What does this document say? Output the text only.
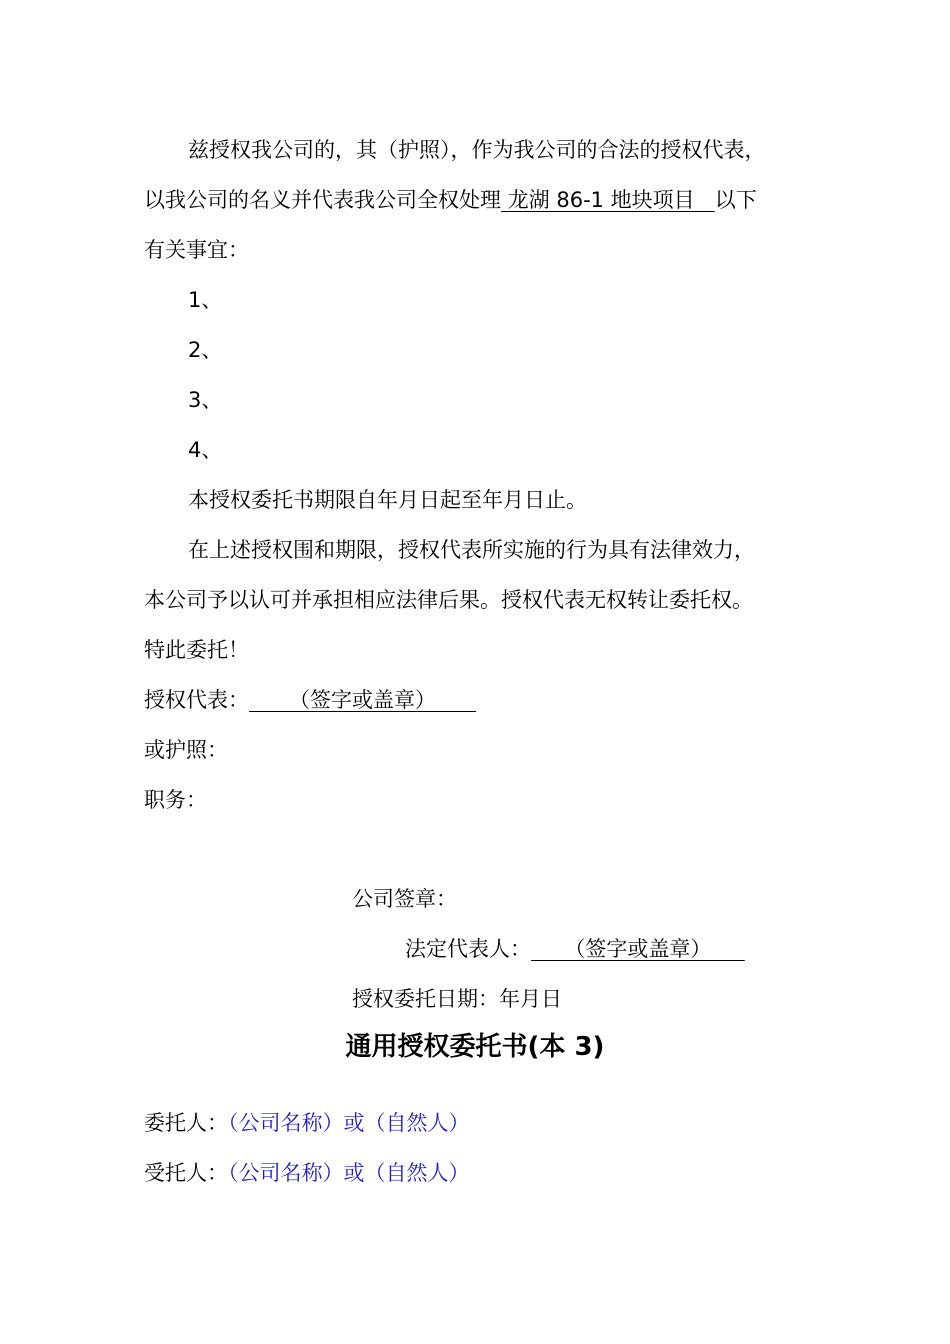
兹授权我公司的，其（护照），作为我公司的合法的授权代表，
以我公司的名义并代表我公司全权处理 龙湖 86-1 地块项目   以下
有关事宜：
1、
2、
3、
4、
本授权委托书期限自年月日起至年月日止。
在上述授权围和期限，授权代表所实施的行为具有法律效力，
本公司予以认可并承担相应法律后果。授权代表无权转让委托权。
特此委托！
授权代表：      （签字或盖章）
或护照：
职务：
公司签章：
法定代表人：     （签字或盖章）
授权委托日期：年月日
通用授权委托书(本 3)
委托人：（公司名称）或（自然人）
受托人：（公司名称）或（自然人）
